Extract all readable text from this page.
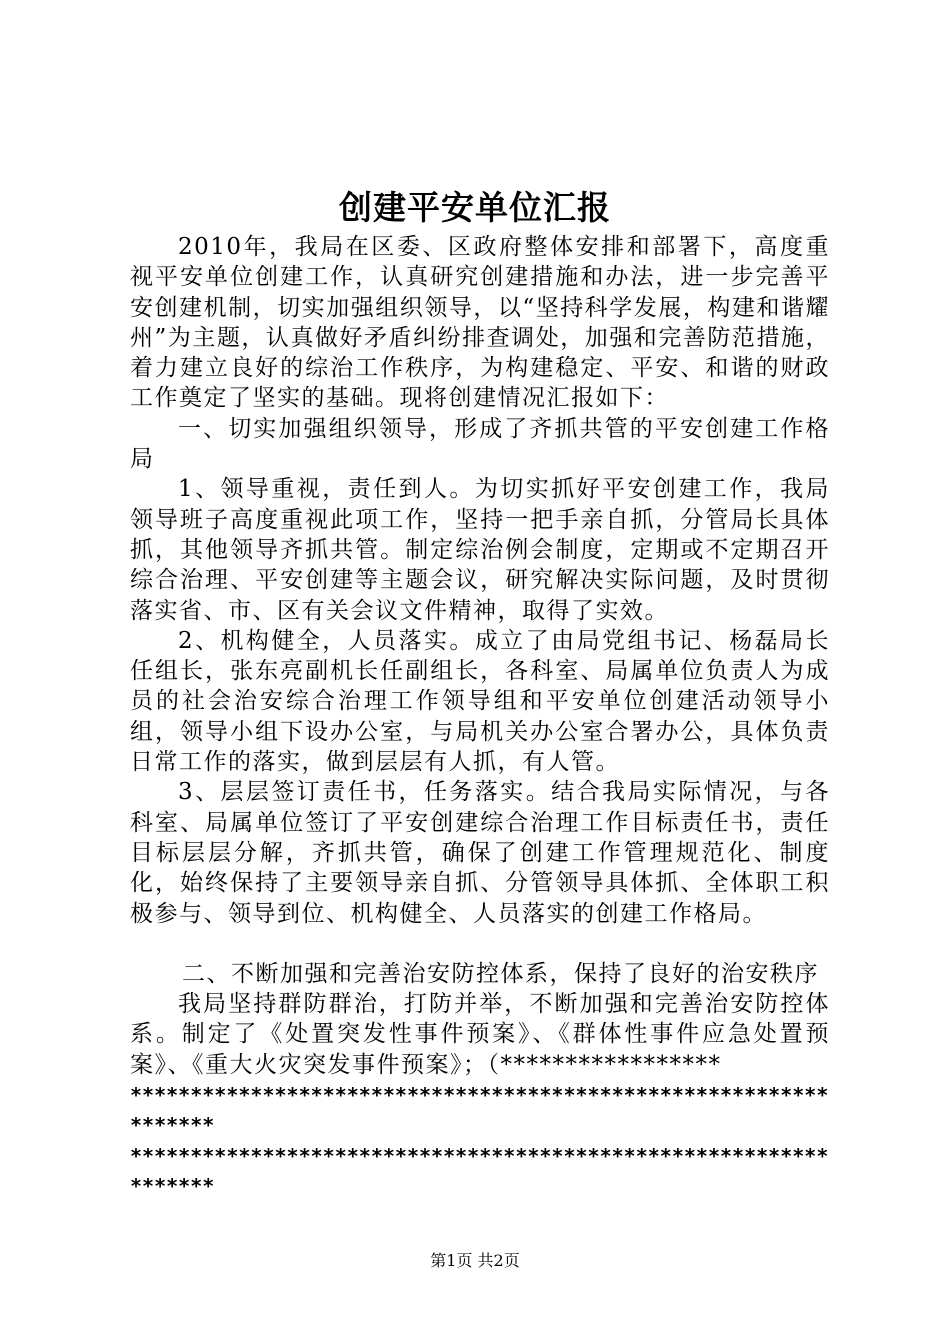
创建平安单位汇报

2010年，我局在区委、区政府整体安排和部署下，高度重视平安单位创建工作，认真研究创建措施和办法，进一步完善平安创建机制，切实加强组织领导，以“坚持科学发展，构建和谐耀州”为主题，认真做好矛盾纠纷排查调处，加强和完善防范措施，着力建立良好的综治工作秩序，为构建稳定、平安、和谐的财政工作奠定了坚实的基础。现将创建情况汇报如下：

一、切实加强组织领导，形成了齐抓共管的平安创建工作格局

1、领导重视，责任到人。为切实抓好平安创建工作，我局领导班子高度重视此项工作，坚持一把手亲自抓，分管局长具体抓，其他领导齐抓共管。制定综治例会制度，定期或不定期召开综合治理、平安创建等主题会议，研究解决实际问题，及时贯彻落实省、市、区有关会议文件精神，取得了实效。

2、机构健全，人员落实。成立了由局党组书记、杨磊局长任组长，张东亮副机长任副组长，各科室、局属单位负责人为成员的社会治安综合治理工作领导组和平安单位创建活动领导小组，领导小组下设办公室，与局机关办公室合署办公，具体负责日常工作的落实，做到层层有人抓，有人管。

3、层层签订责任书，任务落实。结合我局实际情况，与各科室、局属单位签订了平安创建综合治理工作目标责任书，责任目标层层分解，齐抓共管，确保了创建工作管理规范化、制度化，始终保持了主要领导亲自抓、分管领导具体抓、全体职工积极参与、领导到位、机构健全、人员落实的创建工作格局。

二、不断加强和完善治安防控体系，保持了良好的治安秩序

我局坚持群防群治，打防并举，不断加强和完善治安防控体系。制定了《处置突发性事件预案》、《群体性事件应急处置预案》、《重大火灾突发事件预案》；（*****************

*****************************************************************

*****************************************************************

第1页 共2页
